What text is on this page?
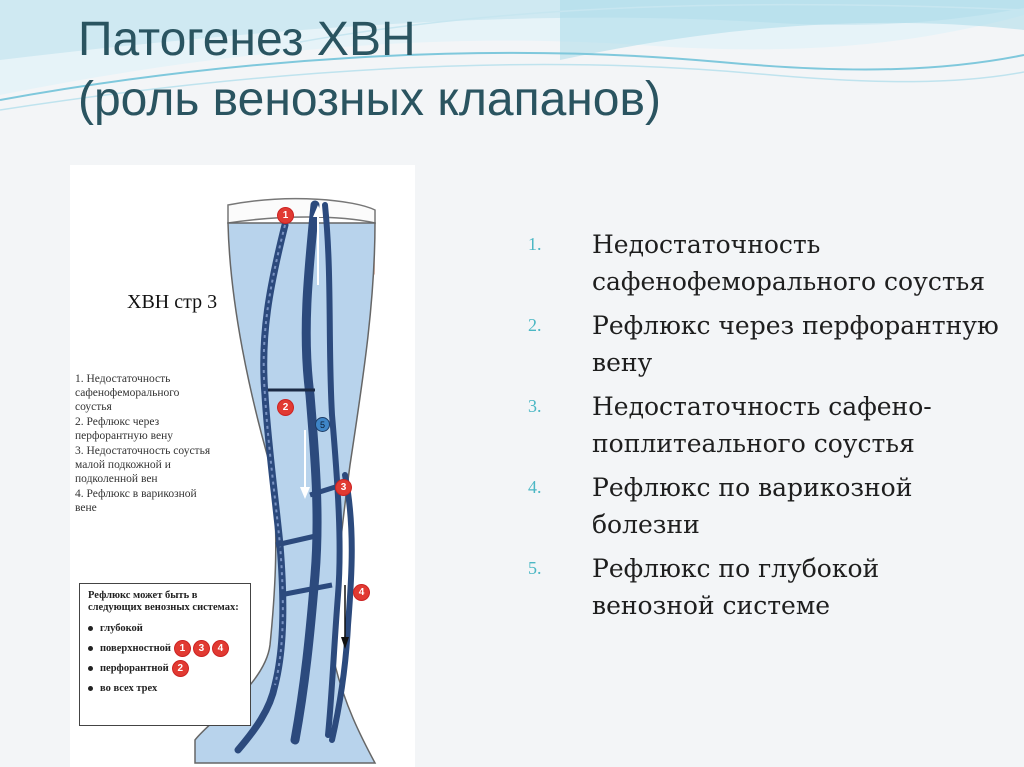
Патогенез ХВН
(роль венозных клапанов)
1
2
3
4
5
ХВН стр 3
1. Недостаточность сафенофеморального соустья
2. Рефлюкс через перфорантную вену
3. Недостаточность соустья малой подкожной и подколенной вен
4. Рефлюкс в варикозной вене
Рефлюкс может быть в следующих венозных системах:
глубокой
поверхностной 1	3	4
перфорантной 2
во всех трех
1. Недостаточность сафенофеморального соустья
2. Рефлюкс через перфорантную вену
3. Недостаточность сафено-поплитеального соустья
4. Рефлюкс по варикозной болезни
5. Рефлюкс по глубокой венозной системе
